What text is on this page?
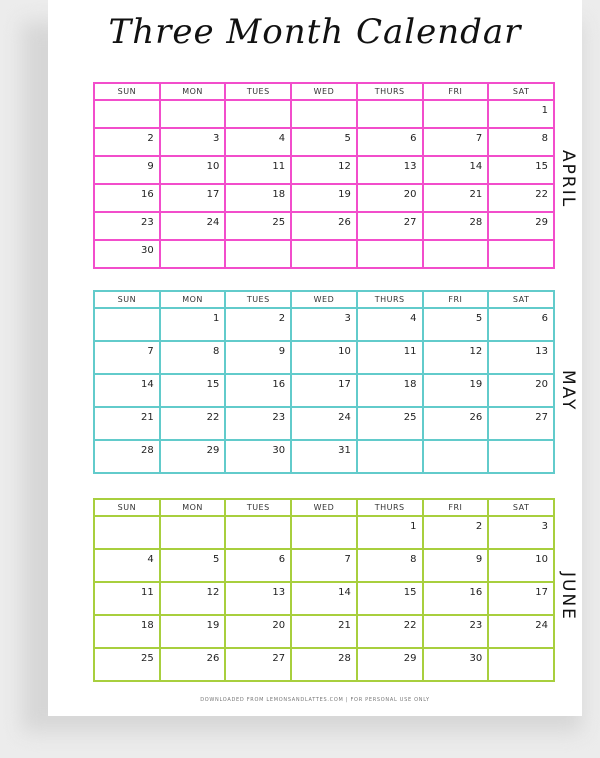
Three Month Calendar
SUN	MON	TUES	WED	THURS	FRI	SAT

						1

2	3	4	5	6	7	8

9	10	11	12	13	14	15

16	17	18	19	20	21	22

23	24	25	26	27	28	29

30						

APRIL
SUN	MON	TUES	WED	THURS	FRI	SAT

	1	2	3	4	5	6

7	8	9	10	11	12	13

14	15	16	17	18	19	20

21	22	23	24	25	26	27

28	29	30	31			

MAY
SUN	MON	TUES	WED	THURS	FRI	SAT

				1	2	3

4	5	6	7	8	9	10

11	12	13	14	15	16	17

18	19	20	21	22	23	24

25	26	27	28	29	30	

JUNE
DOWNLOADED FROM LEMONSANDLATTES.COM | FOR PERSONAL USE ONLY
